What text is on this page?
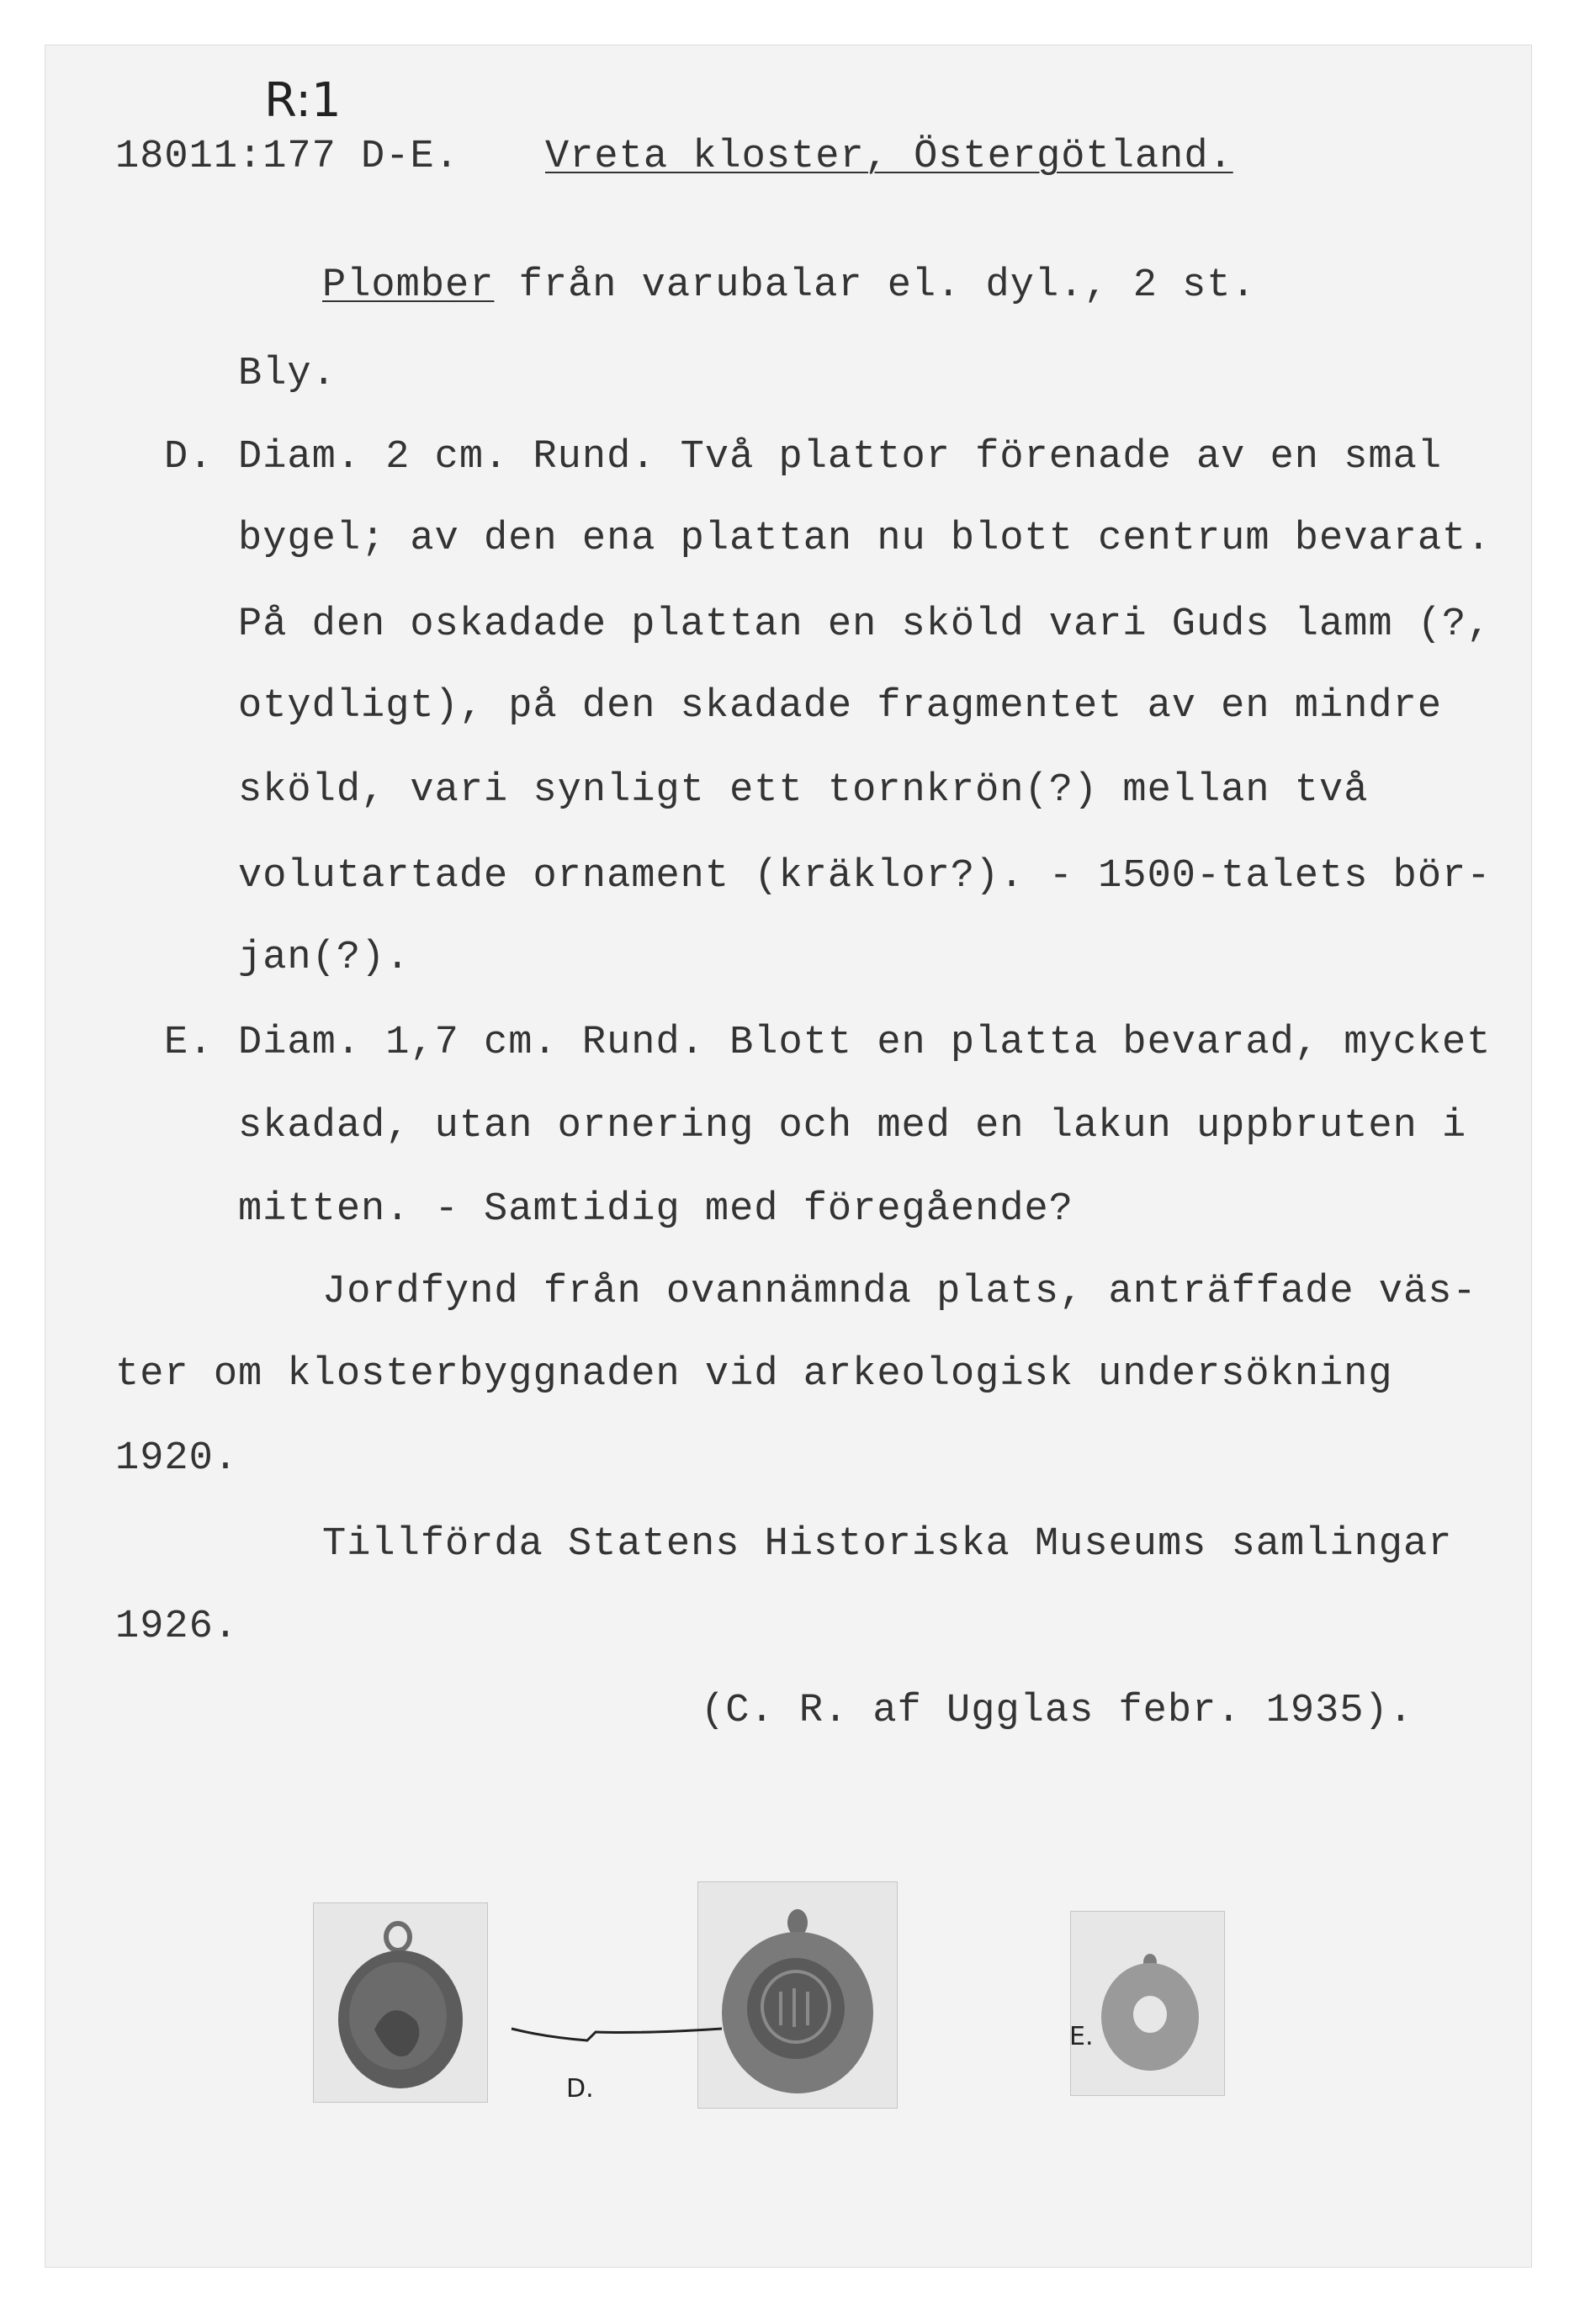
R:1
18011:177 D-E. Vreta kloster, Östergötland.
Plomber från varubalar el. dyl., 2 st.
Bly.
D. Diam. 2 cm. Rund. Två plattor förenade av en smal
bygel; av den ena plattan nu blott centrum bevarat.
På den oskadade plattan en sköld vari Guds lamm (?,
otydligt), på den skadade fragmentet av en mindre
sköld, vari synligt ett tornkrön(?) mellan två
volutartade ornament (kräklor?). - 1500-talets bör-
jan(?).
E. Diam. 1,7 cm. Rund. Blott en platta bevarad, mycket
skadad, utan ornering och med en lakun uppbruten i
mitten. - Samtidig med föregående?
Jordfynd från ovannämnda plats, anträffade väs-
ter om klosterbyggnaden vid arkeologisk undersökning
1920.
Tillförda Statens Historiska Museums samlingar
1926.
(C. R. af Ugglas febr. 1935).
D.
E.
